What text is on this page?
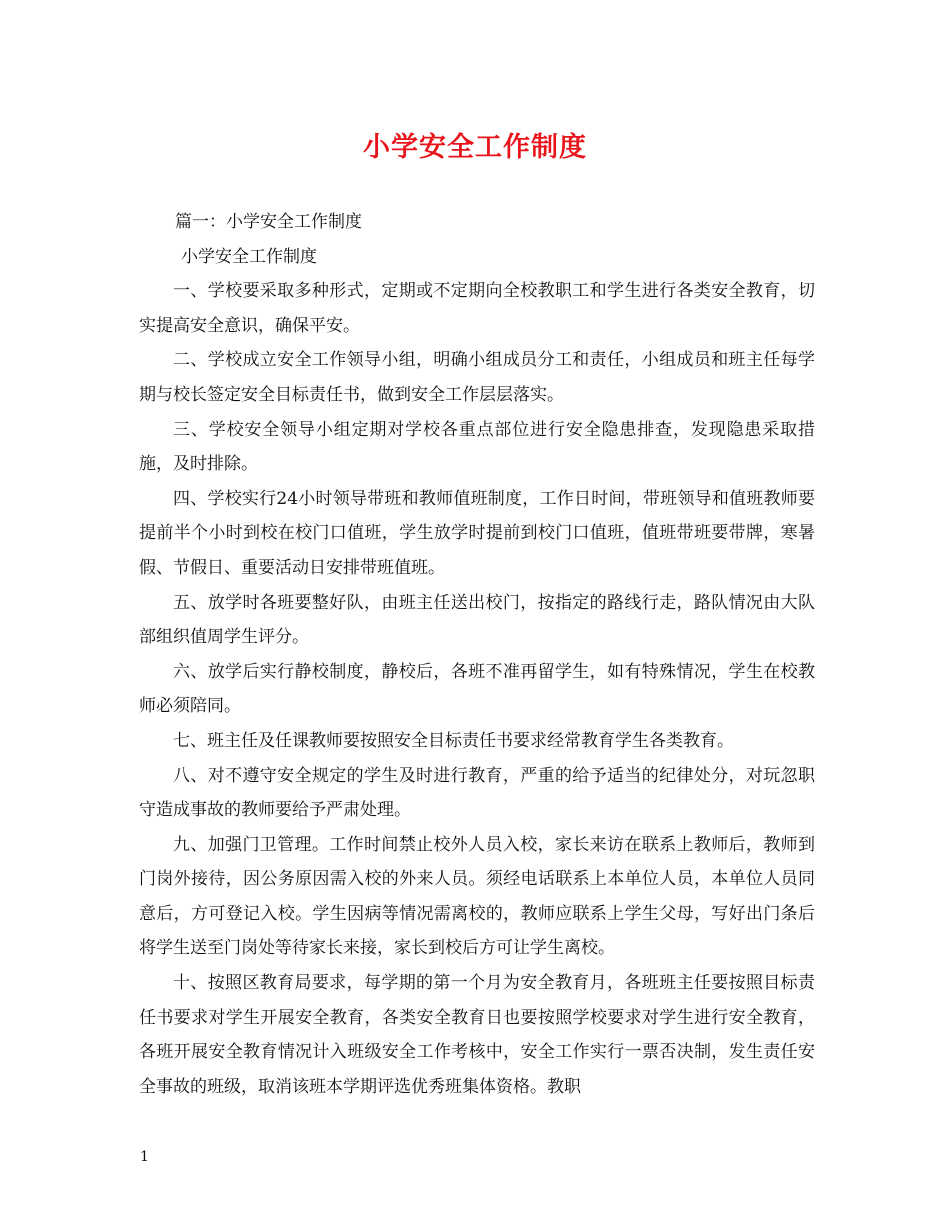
小学安全工作制度

篇一：小学安全工作制度

小学安全工作制度

一、学校要采取多种形式，定期或不定期向全校教职工和学生进行各类安全教育，切实提高安全意识，确保平安。

二、学校成立安全工作领导小组，明确小组成员分工和责任，小组成员和班主任每学期与校长签定安全目标责任书，做到安全工作层层落实。

三、学校安全领导小组定期对学校各重点部位进行安全隐患排查，发现隐患采取措施，及时排除。

四、学校实行24小时领导带班和教师值班制度，工作日时间，带班领导和值班教师要提前半个小时到校在校门口值班，学生放学时提前到校门口值班，值班带班要带牌，寒暑假、节假日、重要活动日安排带班值班。

五、放学时各班要整好队，由班主任送出校门，按指定的路线行走，路队情况由大队部组织值周学生评分。

六、放学后实行静校制度，静校后，各班不准再留学生，如有特殊情况，学生在校教师必须陪同。

七、班主任及任课教师要按照安全目标责任书要求经常教育学生各类教育。

八、对不遵守安全规定的学生及时进行教育，严重的给予适当的纪律处分，对玩忽职守造成事故的教师要给予严肃处理。

九、加强门卫管理。工作时间禁止校外人员入校，家长来访在联系上教师后，教师到门岗外接待，因公务原因需入校的外来人员。须经电话联系上本单位人员，本单位人员同意后，方可登记入校。学生因病等情况需离校的，教师应联系上学生父母，写好出门条后将学生送至门岗处等待家长来接，家长到校后方可让学生离校。

十、按照区教育局要求，每学期的第一个月为安全教育月，各班班主任要按照目标责任书要求对学生开展安全教育，各类安全教育日也要按照学校要求对学生进行安全教育，各班开展安全教育情况计入班级安全工作考核中，安全工作实行一票否决制，发生责任安全事故的班级，取消该班本学期评选优秀班集体资格。教职

1
